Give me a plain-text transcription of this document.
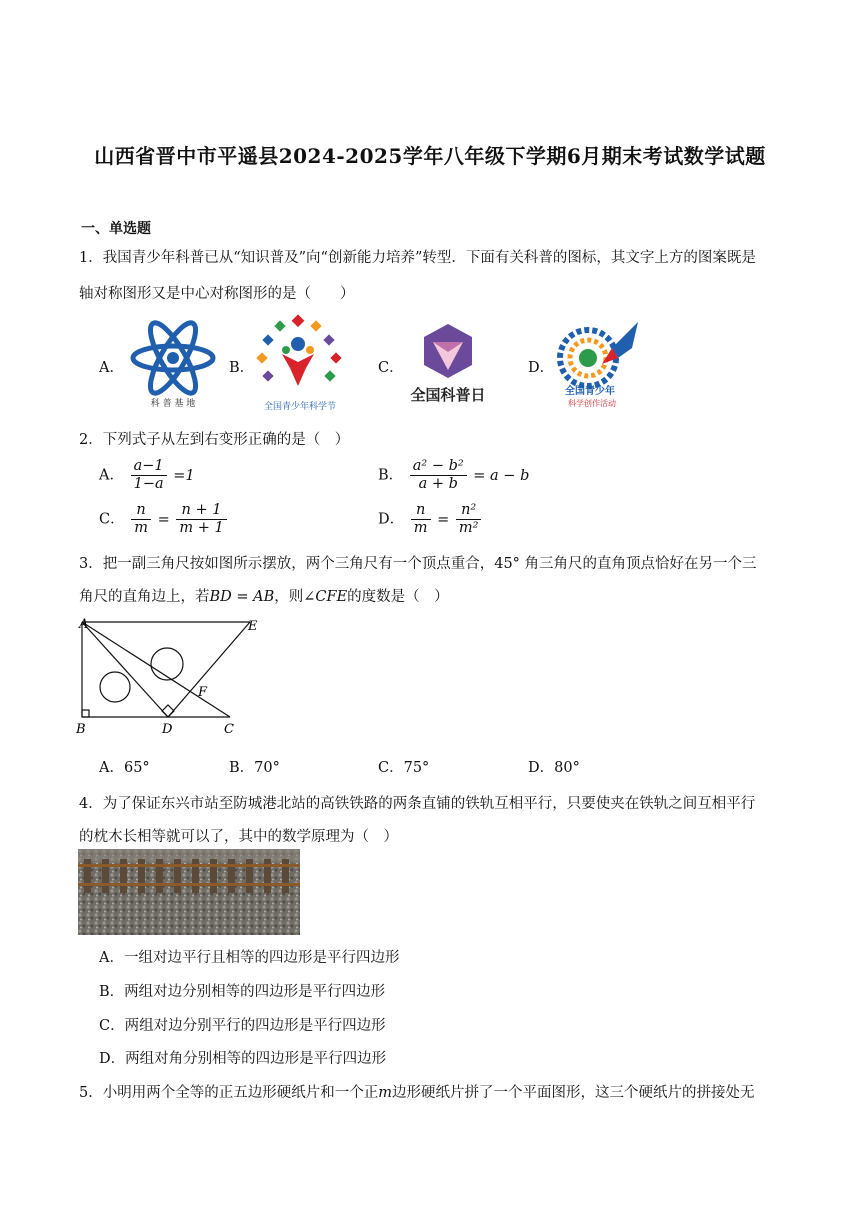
山西省晋中市平遥县2024-2025学年八年级下学期6月期末考试数学试题
一、单选题
1．我国青少年科普已从“知识普及”向“创新能力培养”转型．下面有关科普的图标，其文字上方的图案既是
轴对称图形又是中心对称图形的是（　　）
A．
科 普 基 地
B．
全国青少年科学节
C．
全国科普日
D．
全国青少年
科学创作活动
2．下列式子从左到右变形正确的是（　）
A． $\frac{a-1}{1-a} =1$	B． $\frac{\text{a² − b²}}{a + b} = a - b$
C． $\frac{n}{m} = \frac{n + 1}{m + 1}$	D． $\frac{n}{m} = \frac{\text{n²}}{\text{m²}}$
3．把一副三角尺按如图所示摆放，两个三角尺有一个顶点重合，45° 角三角尺的直角顶点恰好在另一个三
角尺的直角边上，若BD = AB，则∠CFE的度数是（　）
A	E
F
B	D	C
A．65°	B．70°	C．75°	D．80°
4．为了保证东兴市站至防城港北站的高铁铁路的两条直铺的铁轨互相平行，只要使夹在铁轨之间互相平行
的枕木长相等就可以了，其中的数学原理为（　）
A．一组对边平行且相等的四边形是平行四边形
B．两组对边分别相等的四边形是平行四边形
C．两组对边分别平行的四边形是平行四边形
D．两组对角分别相等的四边形是平行四边形
5．小明用两个全等的正五边形硬纸片和一个正m边形硬纸片拼了一个平面图形，这三个硬纸片的拼接处无
